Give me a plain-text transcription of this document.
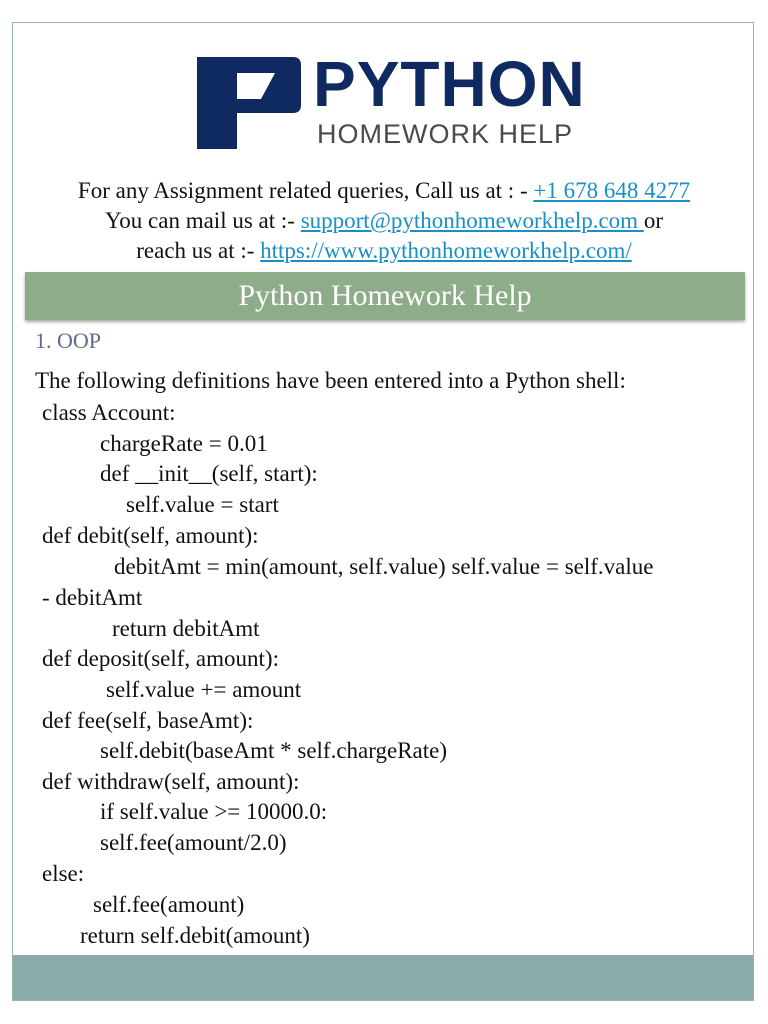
PYTHON
HOMEWORK HELP
For any Assignment related queries, Call us at : - +1 678 648 4277
You can mail us at :- support@pythonhomeworkhelp.com or
reach us at :- https://www.pythonhomeworkhelp.com/
Python Homework Help
1. OOP
The following definitions have been entered into a Python shell:
class Account:
chargeRate = 0.01
def __init__(self, start):
self.value = start
def debit(self, amount):
debitAmt = min(amount, self.value) self.value = self.value
- debitAmt
return debitAmt
def deposit(self, amount):
self.value += amount
def fee(self, baseAmt):
self.debit(baseAmt * self.chargeRate)
def withdraw(self, amount):
if self.value >= 10000.0:
self.fee(amount/2.0)
else:
self.fee(amount)
return self.debit(amount)
